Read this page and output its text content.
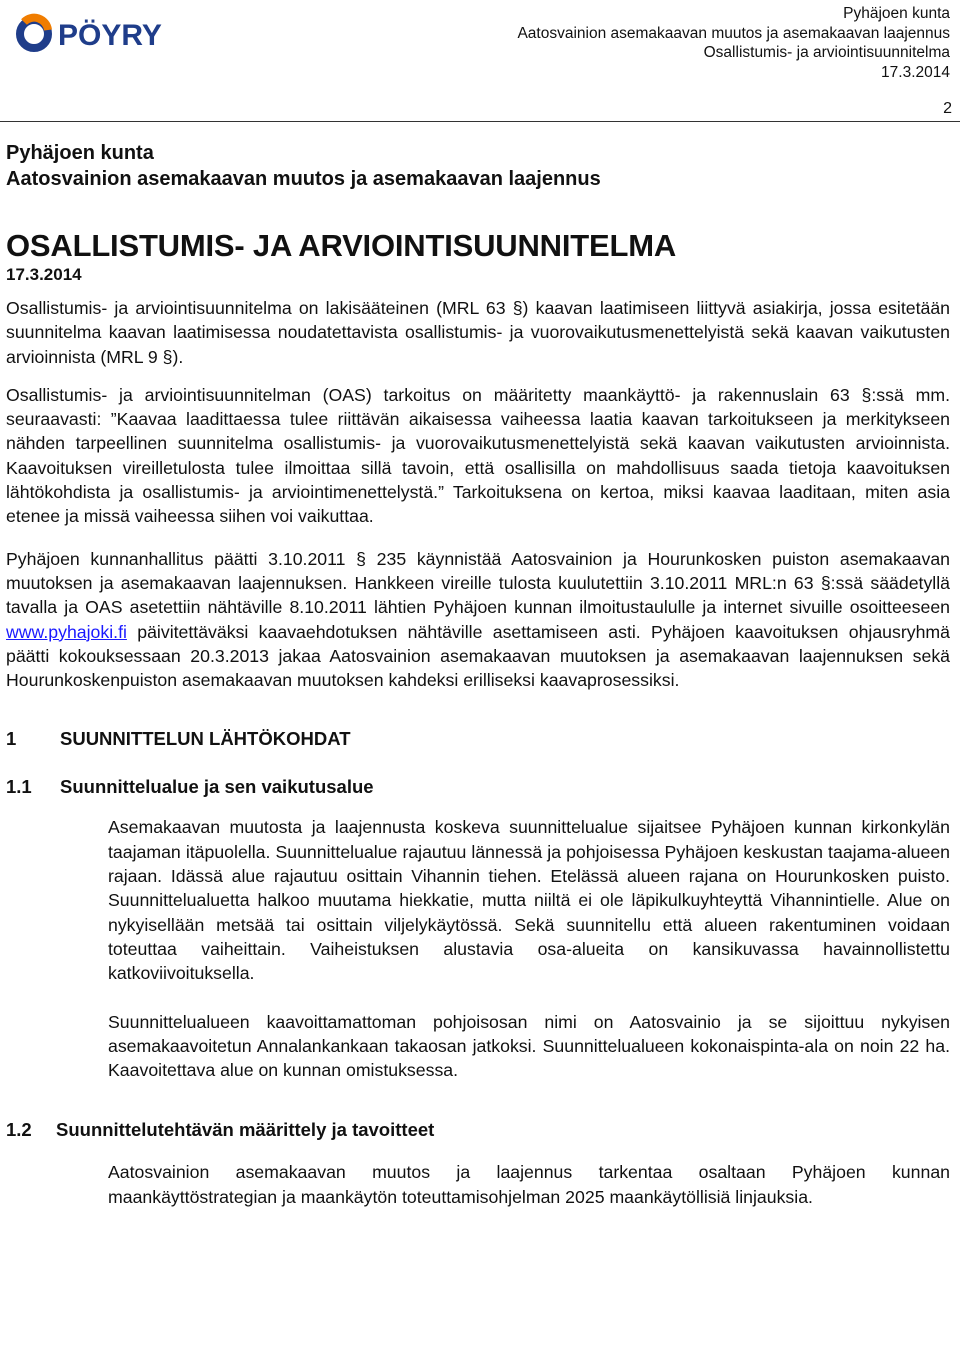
PÖYRY
Pyhäjoen kunta
Aatosvainion asemakaavan muutos ja asemakaavan laajennus
Osallistumis- ja arviointisuunnitelma
17.3.2014
2
Pyhäjoen kunta
Aatosvainion asemakaavan muutos ja asemakaavan laajennus
OSALLISTUMIS- JA ARVIOINTISUUNNITELMA
17.3.2014

Osallistumis- ja arviointisuunnitelma on lakisääteinen (MRL 63 §) kaavan laatimiseen liittyvä asiakirja, jossa esitetään suunnitelma kaavan laatimisessa noudatettavista osallistumis- ja vuorovaikutusmenettelyistä sekä kaavan vaikutusten arvioinnista (MRL 9 §).

Osallistumis- ja arviointisuunnitelman (OAS) tarkoitus on määritetty maankäyttö- ja rakennuslain 63 §:ssä mm. seuraavasti: ”Kaavaa laadittaessa tulee riittävän aikaisessa vaiheessa laatia kaavan tarkoitukseen ja merkitykseen nähden tarpeellinen suunnitelma osallistumis- ja vuorovaikutusmenettelyistä sekä kaavan vaikutusten arvioinnista. Kaavoituksen vireilletulosta tulee ilmoittaa sillä tavoin, että osallisilla on mahdollisuus saada tietoja kaavoituksen lähtökohdista ja osallistumis- ja arviointimenettelystä.” Tarkoituksena on kertoa, miksi kaavaa laaditaan, miten asia etenee ja missä vaiheessa siihen voi vaikuttaa.

Pyhäjoen kunnanhallitus päätti 3.10.2011 § 235 käynnistää Aatosvainion ja Hourunkosken puiston asemakaavan muutoksen ja asemakaavan laajennuksen. Hankkeen vireille tulosta kuulutettiin 3.10.2011 MRL:n 63 §:ssä säädetyllä tavalla ja OAS asetettiin nähtäville 8.10.2011 lähtien Pyhäjoen kunnan ilmoitustaululle ja internet sivuille osoitteeseen www.pyhajoki.fi päivitettäväksi kaavaehdotuksen nähtäville asettamiseen asti. Pyhäjoen kaavoituksen ohjausryhmä päätti kokouksessaan 20.3.2013 jakaa Aatosvainion asemakaavan muutoksen ja asemakaavan laajennuksen sekä Hourunkoskenpuiston asemakaavan muutoksen kahdeksi erilliseksi kaavaprosessiksi.

1 SUUNNITTELUN LÄHTÖKOHDAT
1.1 Suunnittelualue ja sen vaikutusalue

Asemakaavan muutosta ja laajennusta koskeva suunnittelualue sijaitsee Pyhäjoen kunnan kirkonkylän taajaman itäpuolella. Suunnittelualue rajautuu lännessä ja pohjoisessa Pyhäjoen keskustan taajama-alueen rajaan. Idässä alue rajautuu osittain Vihannin tiehen. Etelässä alueen rajana on Hourunkosken puisto. Suunnittelualuetta halkoo muutama hiekkatie, mutta niiltä ei ole läpikulkuyhteyttä Vihannintielle. Alue on nykyisellään metsää tai osittain viljelykäytössä. Sekä suunnitellu että alueen rakentuminen voidaan toteuttaa vaiheittain. Vaiheistuksen alustavia osa-alueita on kansikuvassa havainnollistettu katkoviivoituksella.

Suunnittelualueen kaavoittamattoman pohjoisosan nimi on Aatosvainio ja se sijoittuu nykyisen asemakaavoitetun Annalankankaan takaosan jatkoksi. Suunnittelualueen kokonaispinta-ala on noin 22 ha. Kaavoitettava alue on kunnan omistuksessa.

1.2 Suunnittelutehtävän määrittely ja tavoitteet

Aatosvainion asemakaavan muutos ja laajennus tarkentaa osaltaan Pyhäjoen kunnan maankäyttöstrategian ja maankäytön toteuttamisohjelman 2025 maankäytöllisiä linjauksia.
